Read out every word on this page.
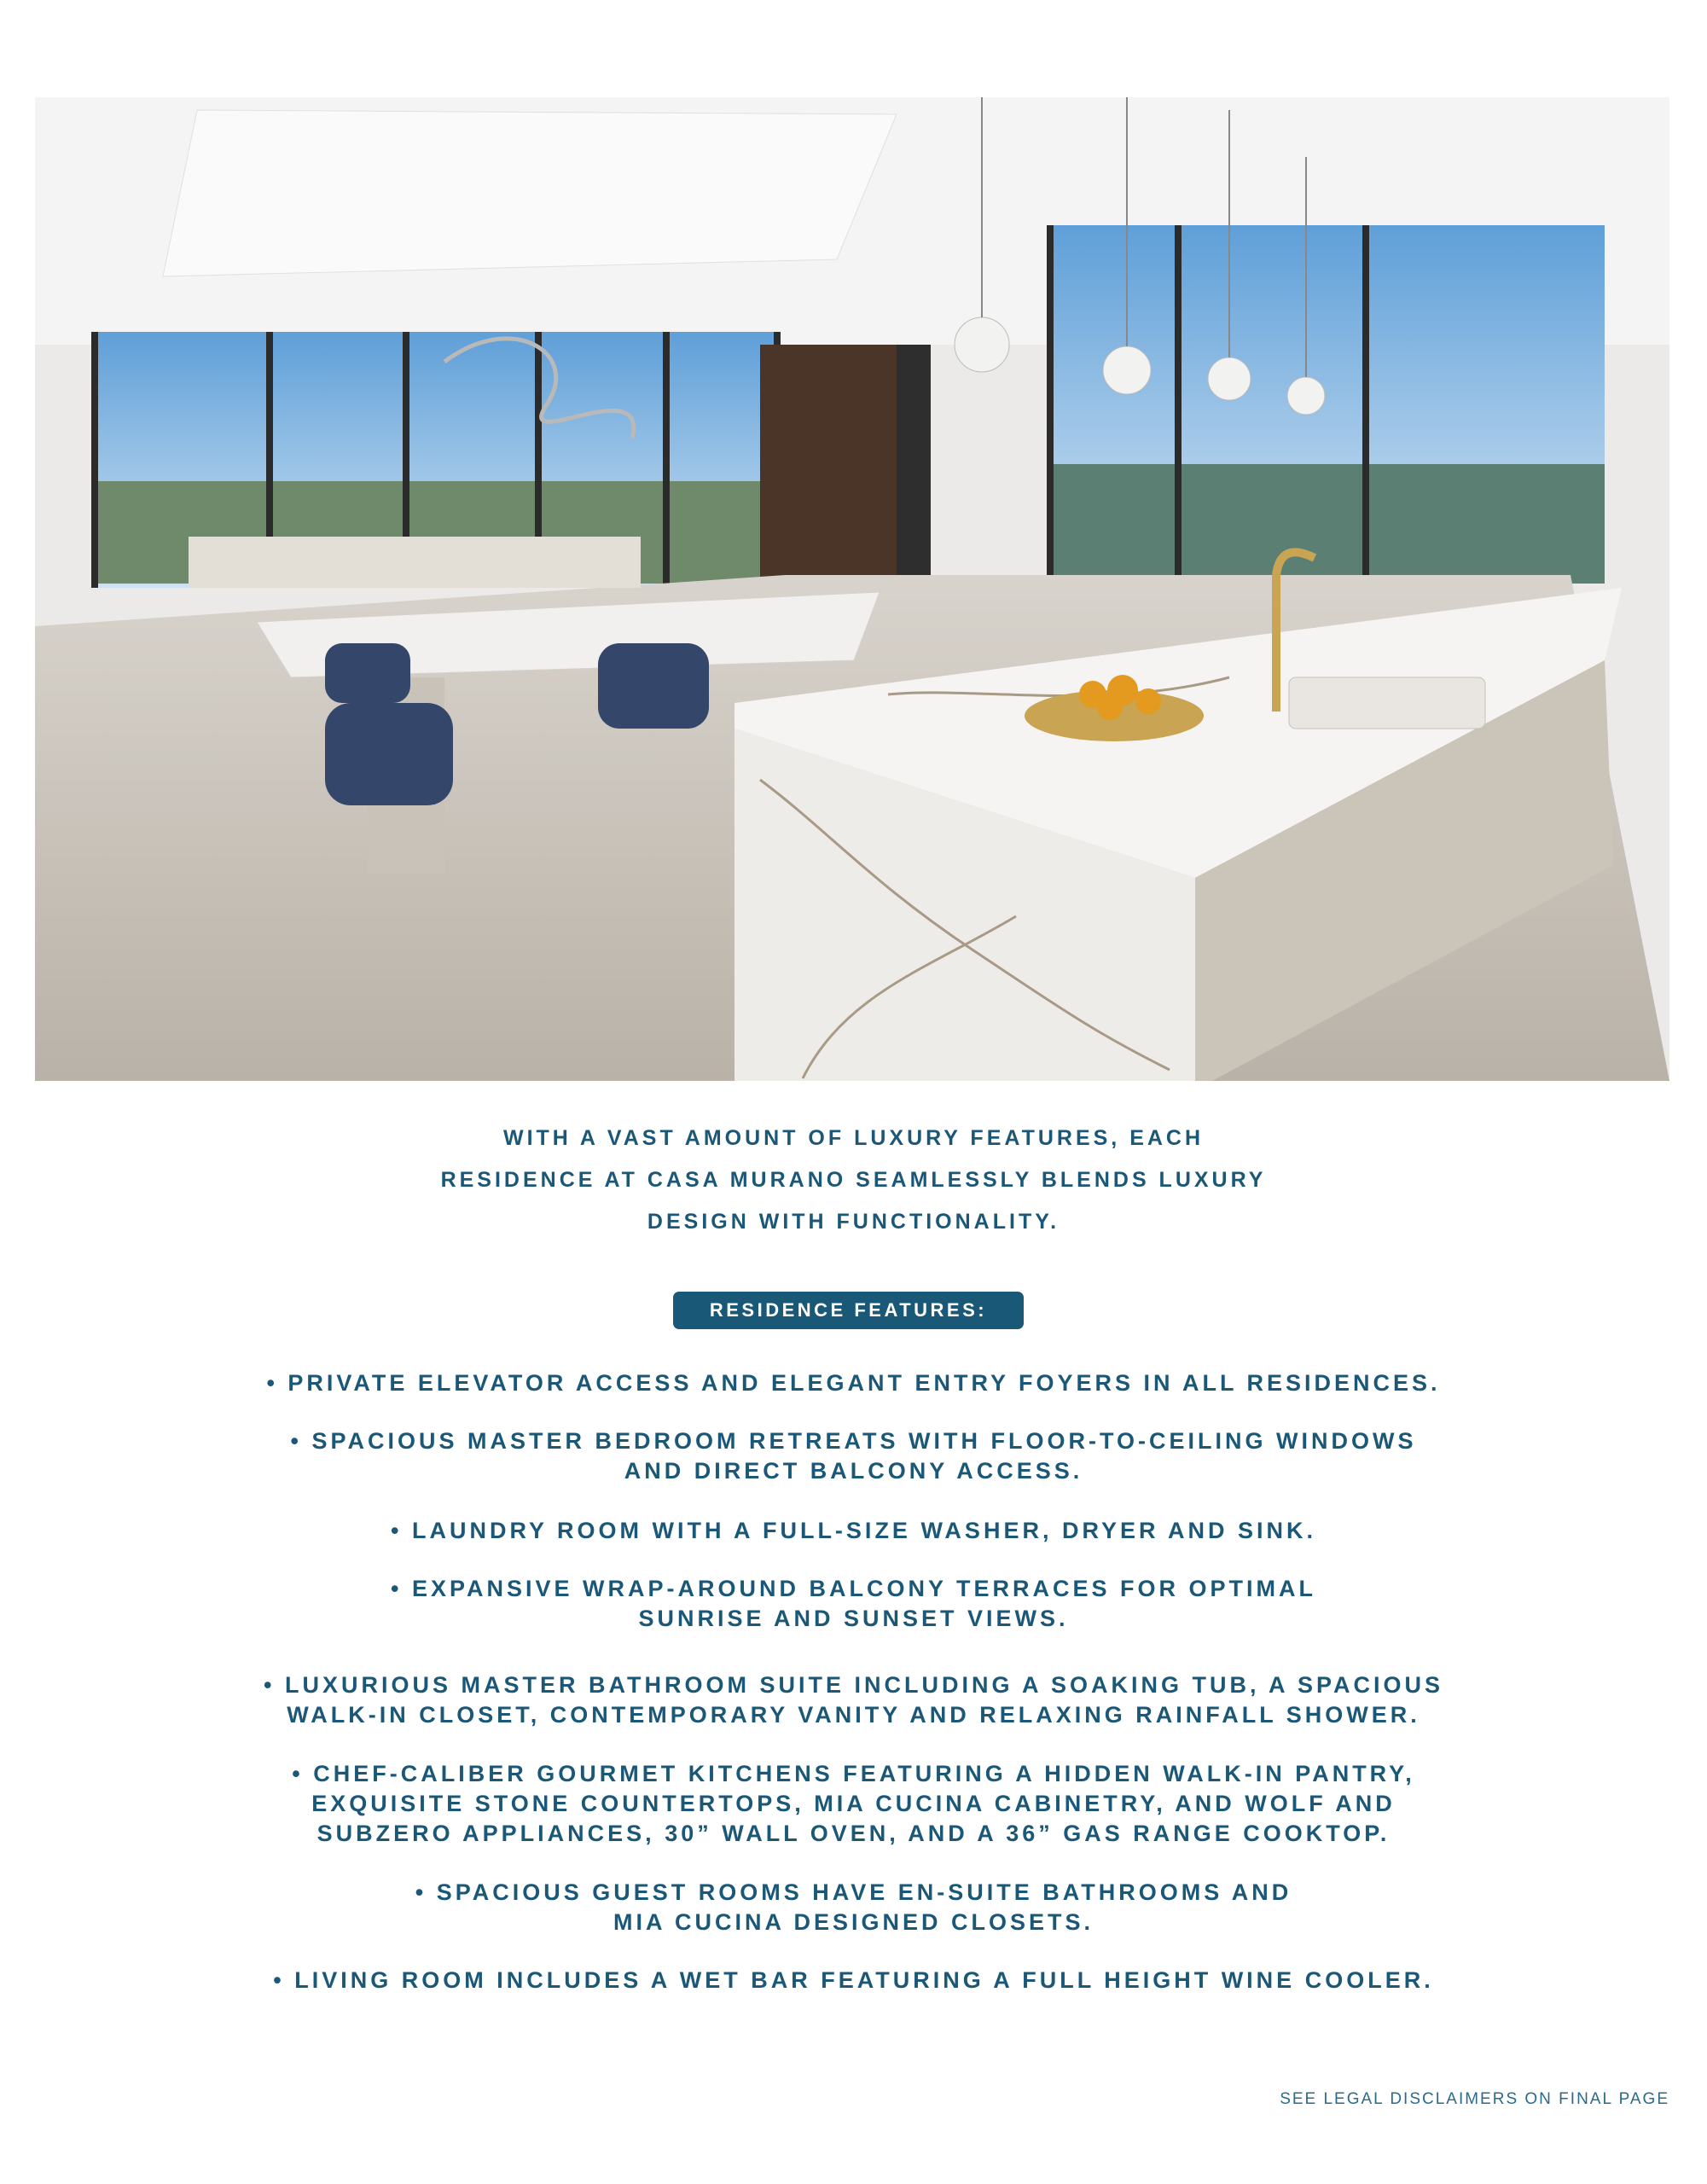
WITH A VAST AMOUNT OF LUXURY FEATURES, EACH
RESIDENCE AT CASA MURANO SEAMLESSLY BLENDS LUXURY
DESIGN WITH FUNCTIONALITY.
RESIDENCE FEATURES:
• PRIVATE ELEVATOR ACCESS AND ELEGANT ENTRY FOYERS IN ALL RESIDENCES.
• SPACIOUS MASTER BEDROOM RETREATS WITH FLOOR-TO-CEILING WINDOWS
AND DIRECT BALCONY ACCESS.
• LAUNDRY ROOM WITH A FULL-SIZE WASHER, DRYER AND SINK.
• EXPANSIVE WRAP-AROUND BALCONY TERRACES FOR OPTIMAL
SUNRISE AND SUNSET VIEWS.
• LUXURIOUS MASTER BATHROOM SUITE INCLUDING A SOAKING TUB, A SPACIOUS
WALK-IN CLOSET, CONTEMPORARY VANITY AND RELAXING RAINFALL SHOWER.
• CHEF-CALIBER GOURMET KITCHENS FEATURING A HIDDEN WALK-IN PANTRY,
EXQUISITE STONE COUNTERTOPS, MIA CUCINA CABINETRY, AND WOLF AND
SUBZERO APPLIANCES, 30” WALL OVEN, AND A 36” GAS RANGE COOKTOP.
• SPACIOUS GUEST ROOMS HAVE EN-SUITE BATHROOMS AND
MIA CUCINA DESIGNED CLOSETS.
• LIVING ROOM INCLUDES A WET BAR FEATURING A FULL HEIGHT WINE COOLER.
SEE LEGAL DISCLAIMERS ON FINAL PAGE
